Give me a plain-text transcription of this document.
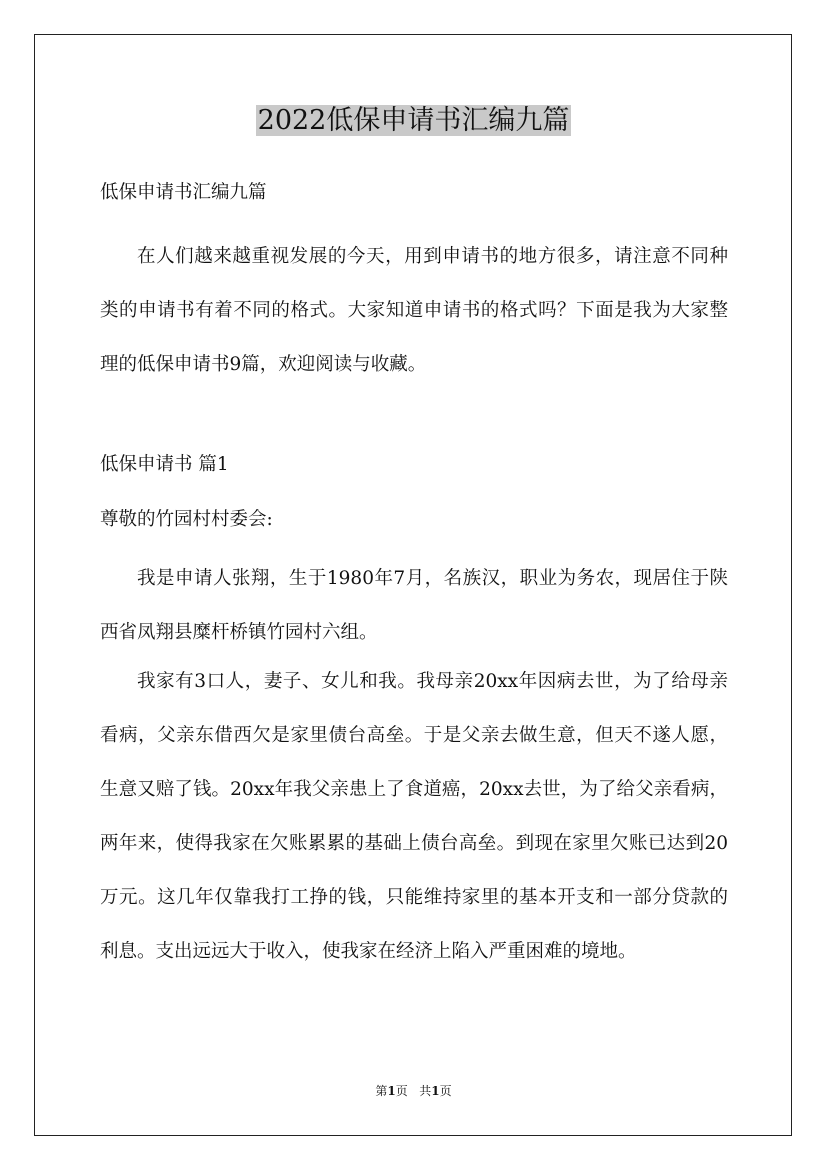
2022低保申请书汇编九篇
低保申请书汇编九篇
在人们越来越重视发展的今天，用到申请书的地方很多，请注意不同种类的申请书有着不同的格式。大家知道申请书的格式吗？下面是我为大家整理的低保申请书9篇，欢迎阅读与收藏。
低保申请书 篇1
尊敬的竹园村村委会:
我是申请人张翔，生于1980年7月，名族汉，职业为务农，现居住于陕西省凤翔县糜杆桥镇竹园村六组。
我家有3口人，妻子、女儿和我。我母亲20xx年因病去世，为了给母亲看病，父亲东借西欠是家里债台高垒。于是父亲去做生意，但天不遂人愿，生意又赔了钱。20xx年我父亲患上了食道癌，20xx去世，为了给父亲看病，两年来，使得我家在欠账累累的基础上债台高垒。到现在家里欠账已达到20万元。这几年仅靠我打工挣的钱，只能维持家里的基本开支和一部分贷款的利息。支出远远大于收入，使我家在经济上陷入严重困难的境地。
第1页 共1页
